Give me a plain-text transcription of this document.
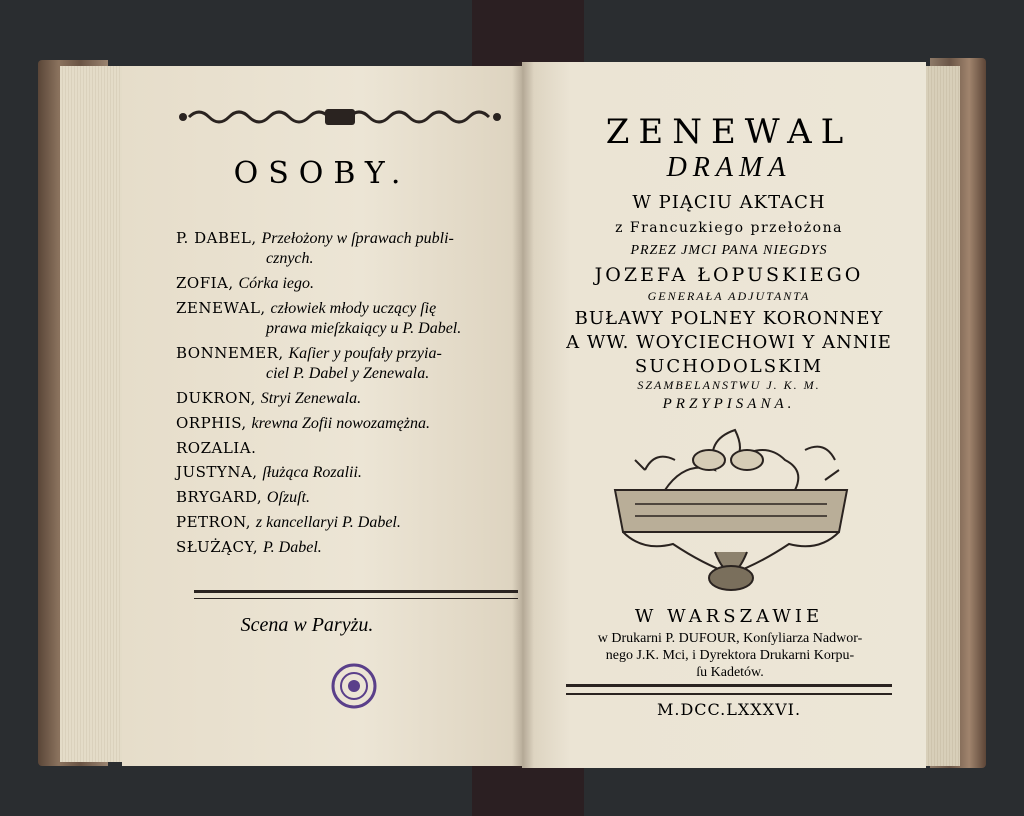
OSOBY.
P. DABEL, Przełożony w ſprawach publi-
cznych.
ZOFIA, Córka iego.
ZENEWAL, człowiek młody uczący ſię
prawa mieſzkaiący u P. Dabel.
BONNEMER, Kaſier y poufały przyia-
ciel P. Dabel y Zenewala.
DUKRON, Stryi Zenewala.
ORPHIS, krewna Zofii nowozamężna.
ROZALIA.
JUSTYNA, ſłużąca Rozalii.
BRYGARD, Oſzuſt.
PETRON, z kancellaryi P. Dabel.
SŁUŻĄCY, P. Dabel.
Scena w Paryżu.
ZENEWAL
DRAMA
W PIĄCIU AKTACH
z Francuzkiego przełożona
PRZEZ JMCI PANA NIEGDYS
JOZEFA ŁOPUSKIEGO
GENERAŁA ADJUTANTA
BUŁAWY POLNEY KORONNEY
A WW. WOYCIECHOWI Y ANNIE
SUCHODOLSKIM
SZAMBELANSTWU J. K. M.
PRZYPISANA.
W WARSZAWIE
w Drukarni P. DUFOUR, Konſyliarza Nadwor-
nego J.K. Mci, i Dyrektora Drukarni Korpu-
ſu Kadetów.
M.DCC.LXXXVI.
